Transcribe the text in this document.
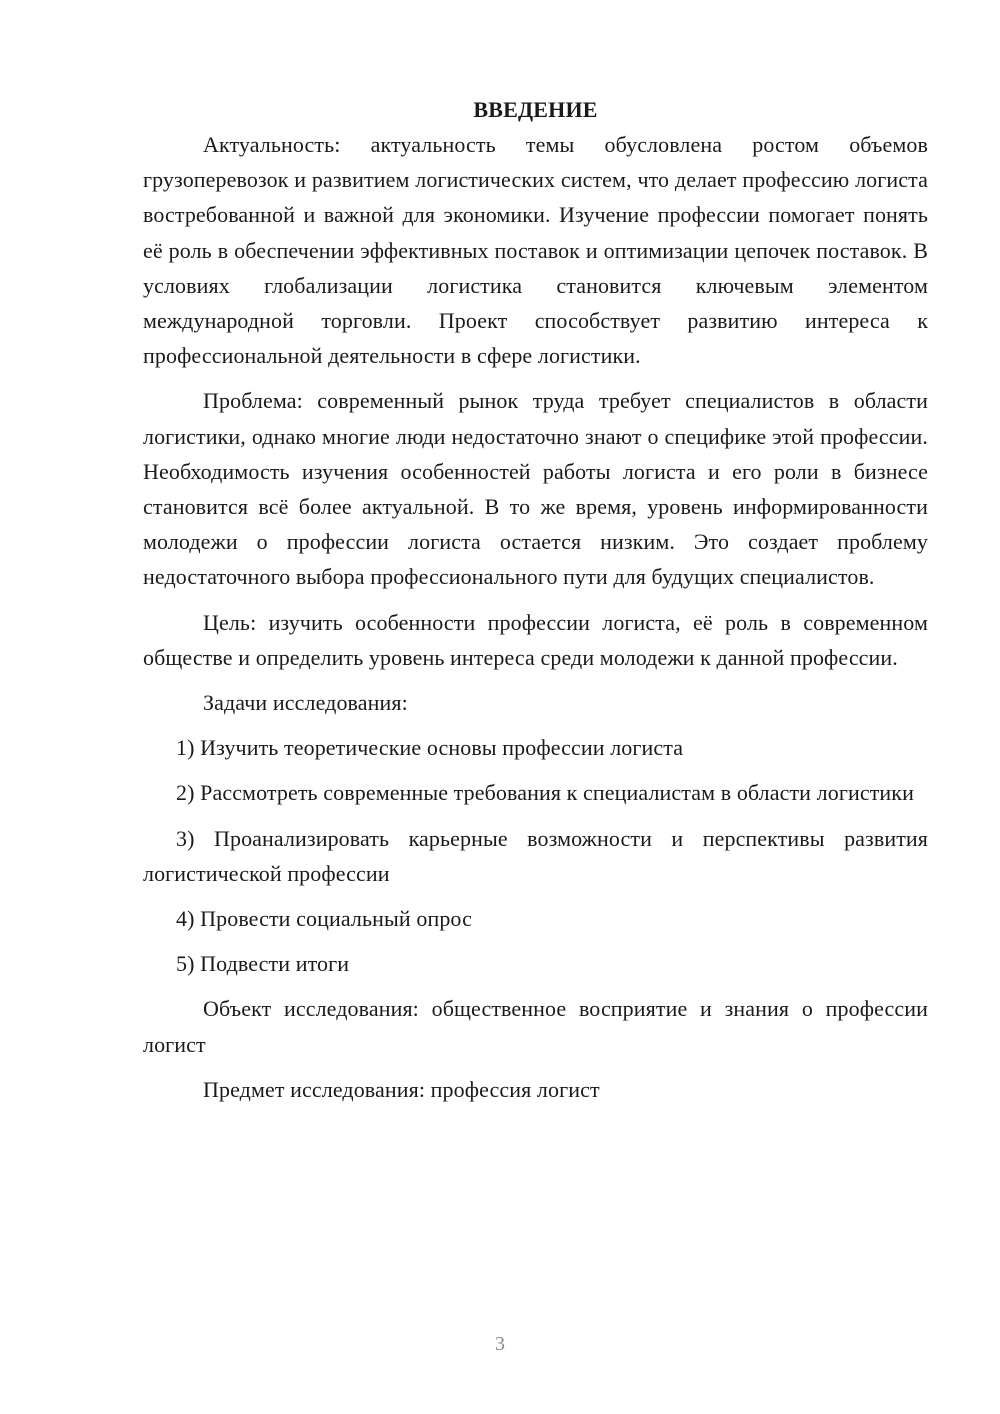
ВВЕДЕНИЕ

Актуальность: актуальность темы обусловлена ростом объемов грузоперевозок и развитием логистических систем, что делает профессию логиста востребованной и важной для экономики. Изучение профессии помогает понять её роль в обеспечении эффективных поставок и оптимизации цепочек поставок. В условиях глобализации логистика становится ключевым элементом международной торговли. Проект способствует развитию интереса к профессиональной деятельности в сфере логистики.

Проблема: современный рынок труда требует специалистов в области логистики, однако многие люди недостаточно знают о специфике этой профессии. Необходимость изучения особенностей работы логиста и его роли в бизнесе становится всё более актуальной. В то же время, уровень информированности молодежи о профессии логиста остается низким. Это создает проблему недостаточного выбора профессионального пути для будущих специалистов.

Цель: изучить особенности профессии логиста, её роль в современном обществе и определить уровень интереса среди молодежи к данной профессии.

Задачи исследования:

1) Изучить теоретические основы профессии логиста

2) Рассмотреть современные требования к специалистам в области логистики

3) Проанализировать карьерные возможности и перспективы развития логистической профессии

4) Провести социальный опрос

5) Подвести итоги

Объект исследования: общественное восприятие и знания о профессии логист

Предмет исследования: профессия логист

3
